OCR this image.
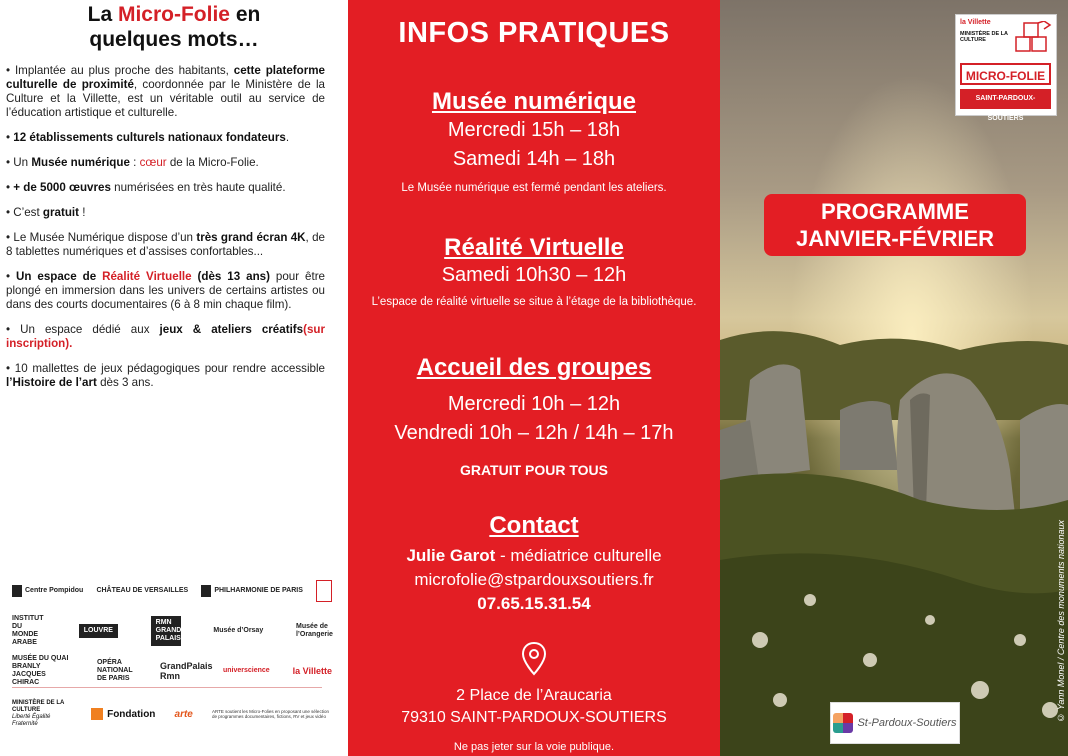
La Micro-Folie en
quelques mots…

• Implantée au plus proche des habitants, cette plateforme culturelle de proximité, coordonnée par le Ministère de la Culture et la Villette, est un véritable outil au service de l’éducation artistique et culturelle.

• 12 établissements culturels nationaux fondateurs.

• Un Musée numérique : cœur de la Micro-Folie.

• + de 5000 œuvres numérisées en très haute qualité.

• C’est gratuit !

• Le Musée Numérique dispose d’un très grand écran 4K, de 8 tablettes numériques et d’assises confortables...

• Un espace de Réalité Virtuelle (dès 13 ans) pour être plongé en immersion dans les univers de certains artistes ou dans des courts documentaires (6 à 8 min chaque film).

• Un espace dédié aux jeux & ateliers créatifs(sur inscription).

• 10 mallettes de jeux pédagogiques pour rendre accessible l’Histoire de l’art dès 3 ans.

Centre Pompidou CHÂTEAU DE VERSAILLES	PHILHARMONIE DE PARIS
INSTITUT DU MONDE ARABE
LOUVRE
RMN GRAND PALAIS
Musée d’Orsay
Musée de l’Orangerie
MUSÉE DU QUAI BRANLY JACQUES CHIRAC
OPÉRA NATIONAL DE PARIS
GrandPalais Rmn
universcience	la Villette
MINISTÈRE DE LA CULTURE
Liberté Égalité Fraternité
Fondation arte	ARTE soutient les Micro-Folies en proposant une sélection de programmes documentaires, fictions, RV et jeux vidéo
INFOS PRATIQUES
Musée numérique
Mercredi 15h – 18h
Samedi 14h – 18h
Le Musée numérique est fermé pendant les ateliers.
Réalité Virtuelle
Samedi 10h30 – 12h
L’espace de réalité virtuelle se situe à l’étage de la bibliothèque.
Accueil des groupes
Mercredi 10h – 12h
Vendredi 10h – 12h / 14h – 17h
GRATUIT POUR TOUS
Contact
Julie Garot - médiatrice culturelle
microfolie@stpardouxsoutiers.fr
07.65.15.31.54
2 Place de l’Araucaria
79310 SAINT-PARDOUX-SOUTIERS
Ne pas jeter sur la voie publique.
la Villette
MINISTÈRE DE LA CULTURE
MICRO-FOLIE
SAINT-PARDOUX-SOUTIERS
PROGRAMME
JANVIER-FÉVRIER
© Yann Monel / Centre des monuments nationaux
St-Pardoux-Soutiers
